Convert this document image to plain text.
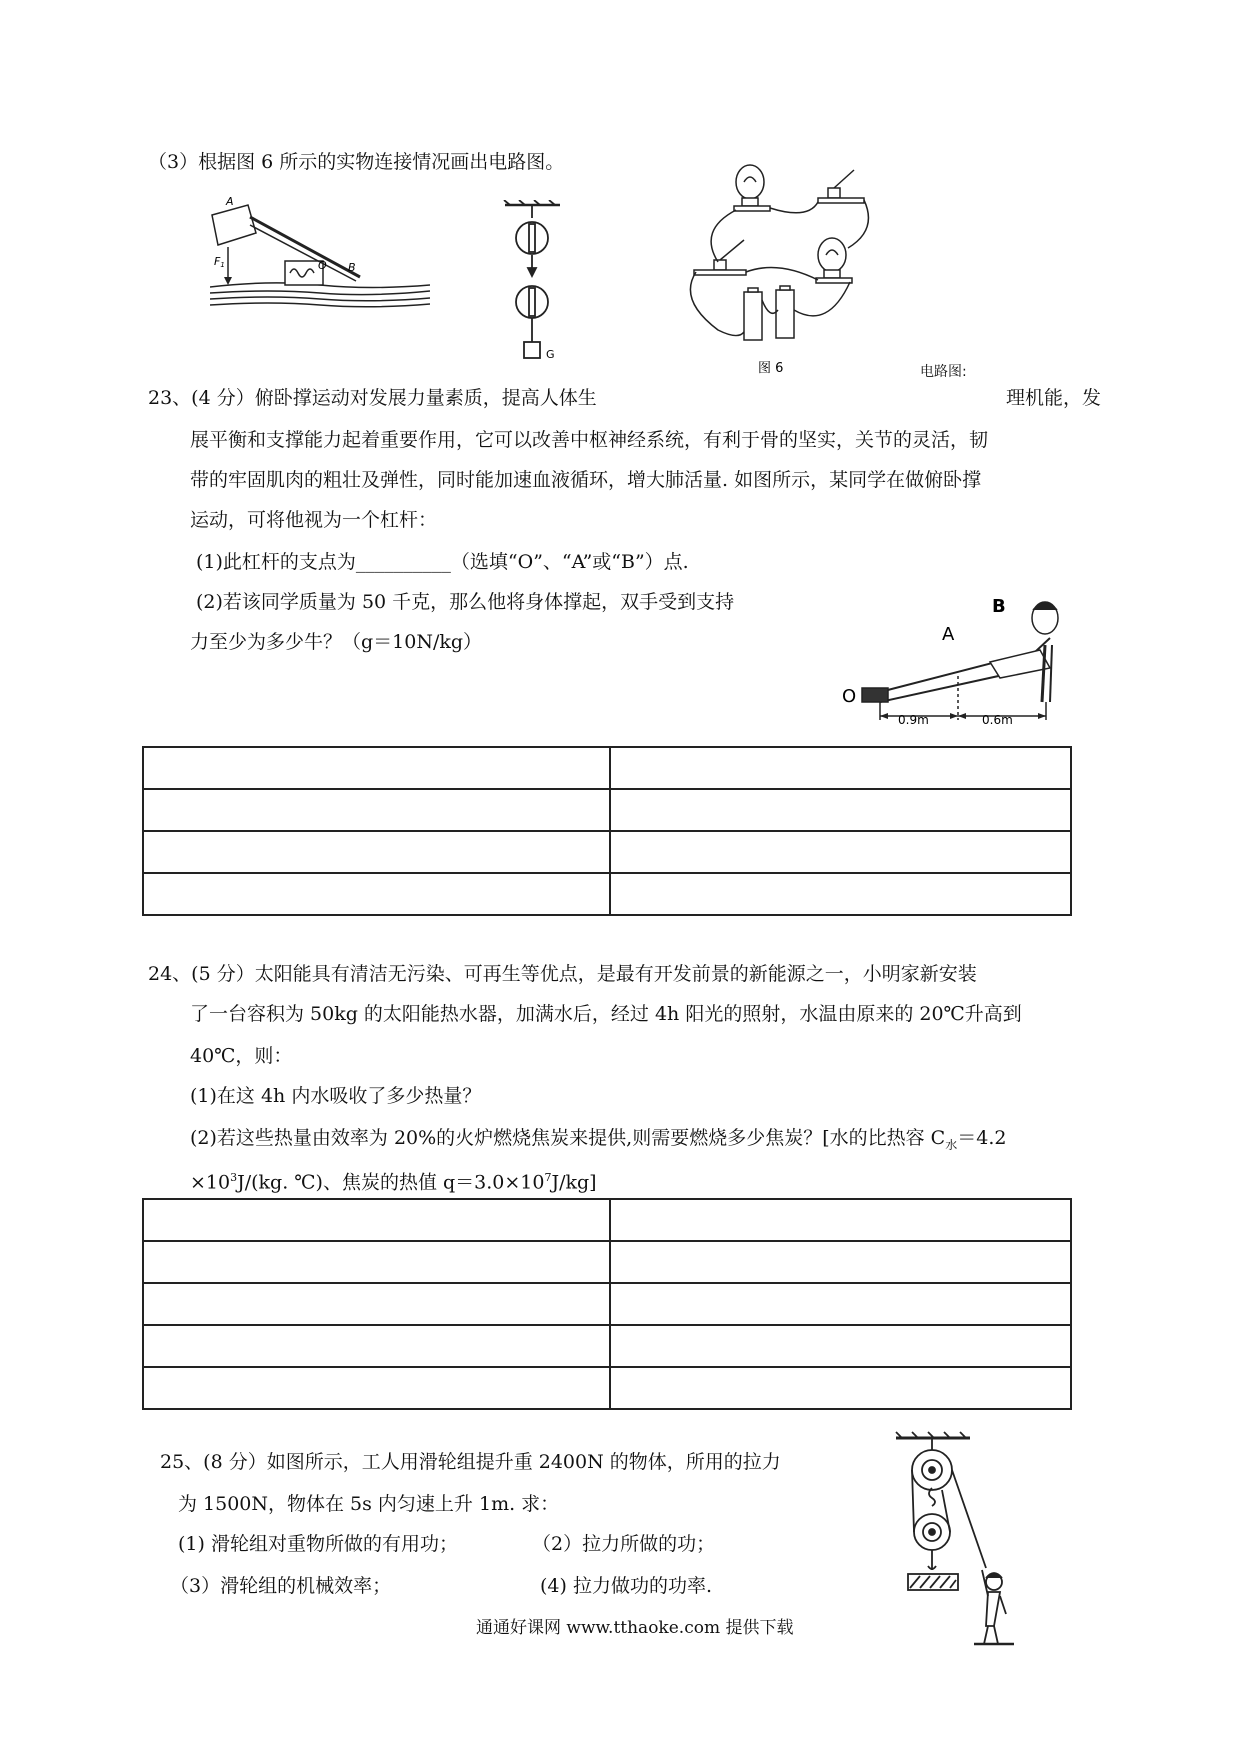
（3）根据图 6 所示的实物连接情况画出电路图。
A
F1	O B
G
图 6	电路图:
23、(4 分）俯卧撑运动对发展力量素质，提高人体生	理机能，发
展平衡和支撑能力起着重要作用，它可以改善中枢神经系统，有利于骨的坚实，关节的灵活，韧
带的牢固肌肉的粗壮及弹性，同时能加速血液循环，增大肺活量. 如图所示，某同学在做俯卧撑
运动，可将他视为一个杠杆：
(1)此杠杆的支点为__________（选填“O”、“A”或“B”）点.
(2)若该同学质量为 50 千克，那么他将身体撑起，双手受到支持
力至少为多少牛？（g＝10N/kg）
B
A
O
0.9m	0.6m

24、(5 分）太阳能具有清洁无污染、可再生等优点，是最有开发前景的新能源之一，小明家新安装
了一台容积为 50kg 的太阳能热水器，加满水后，经过 4h 阳光的照射，水温由原来的 20℃升高到
40℃，则：
(1)在这 4h 内水吸收了多少热量？
(2)若这些热量由效率为 20%的火炉燃烧焦炭来提供,则需要燃烧多少焦炭？[水的比热容 $C_水=4.2$
$\times 10^3J/(kg$. ℃)、焦炭的热值 $q=3.0\times 10^7J/kg$]

25、(8 分）如图所示，工人用滑轮组提升重 2400N 的物体，所用的拉力
为 1500N，物体在 5s 内匀速上升 1m. 求：
(1) 滑轮组对重物所做的有用功；	（2）拉力所做的功；
（3）滑轮组的机械效率；	(4) 拉力做功的功率.
通通好课网 www.tthaoke.com 提供下载
